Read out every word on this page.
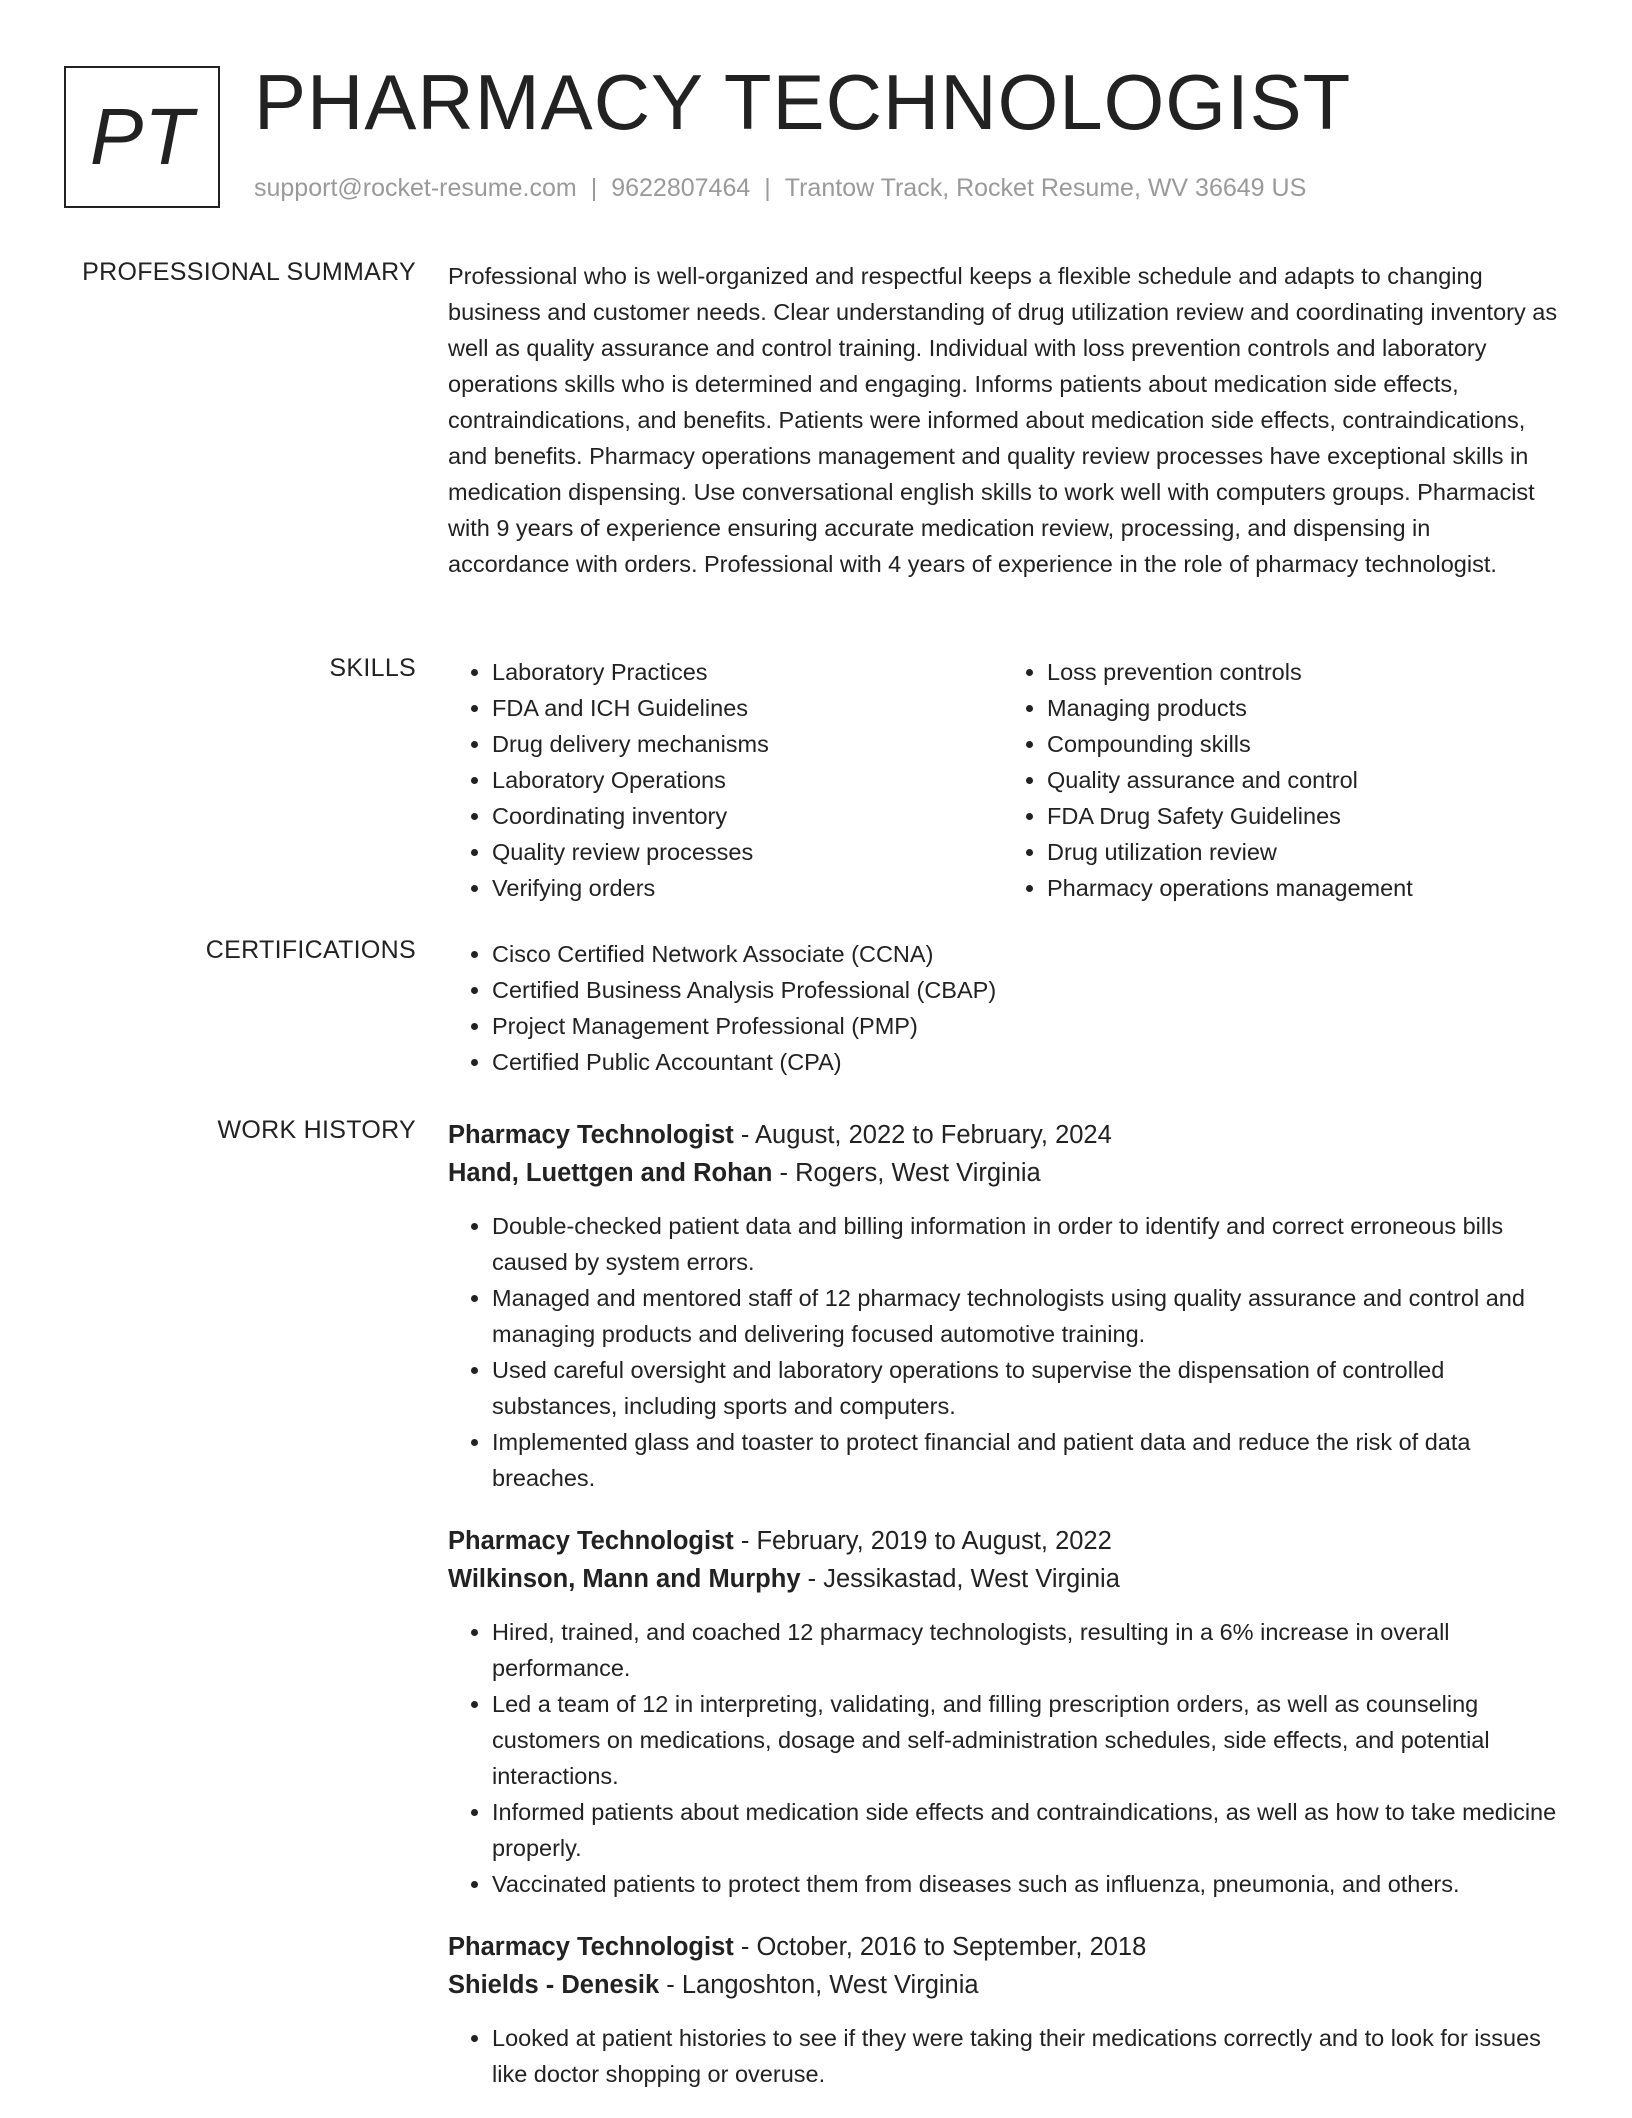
PT PHARMACY TECHNOLOGIST
support@rocket-resume.com | 9622807464 | Trantow Track, Rocket Resume, WV 36649 US
PROFESSIONAL SUMMARY Professional who is well-organized and respectful keeps a flexible schedule and adapts to changing business and customer needs. Clear understanding of drug utilization review and coordinating inventory as well as quality assurance and control training. Individual with loss prevention controls and laboratory operations skills who is determined and engaging. Informs patients about medication side effects, contraindications, and benefits. Patients were informed about medication side effects, contraindications, and benefits. Pharmacy operations management and quality review processes have exceptional skills in medication dispensing. Use conversational english skills to work well with computers groups. Pharmacist with 9 years of experience ensuring accurate medication review, processing, and dispensing in accordance with orders. Professional with 4 years of experience in the role of pharmacy technologist.

SKILLS	• Laboratory Practices
• FDA and ICH Guidelines
• Drug delivery mechanisms
• Laboratory Operations
• Coordinating inventory
• Quality review processes
• Verifying orders
• Loss prevention controls
• Managing products
• Compounding skills
• Quality assurance and control
• FDA Drug Safety Guidelines
• Drug utilization review
• Pharmacy operations management
CERTIFICATIONS	• Cisco Certified Network Associate (CCNA)
• Certified Business Analysis Professional (CBAP)
• Project Management Professional (PMP)
• Certified Public Accountant (CPA)
WORK HISTORY Pharmacy Technologist - August, 2022 to February, 2024
Hand, Luettgen and Rohan - Rogers, West Virginia
• Double-checked patient data and billing information in order to identify and correct erroneous bills caused by system errors.
• Managed and mentored staff of 12 pharmacy technologists using quality assurance and control and managing products and delivering focused automotive training.
• Used careful oversight and laboratory operations to supervise the dispensation of controlled substances, including sports and computers.
• Implemented glass and toaster to protect financial and patient data and reduce the risk of data breaches.
Pharmacy Technologist - February, 2019 to August, 2022
Wilkinson, Mann and Murphy - Jessikastad, West Virginia
• Hired, trained, and coached 12 pharmacy technologists, resulting in a 6% increase in overall performance.
• Led a team of 12 in interpreting, validating, and filling prescription orders, as well as counseling customers on medications, dosage and self-administration schedules, side effects, and potential interactions.
• Informed patients about medication side effects and contraindications, as well as how to take medicine properly.
• Vaccinated patients to protect them from diseases such as influenza, pneumonia, and others.
Pharmacy Technologist - October, 2016 to September, 2018
Shields - Denesik - Langoshton, West Virginia
• Looked at patient histories to see if they were taking their medications correctly and to look for issues like doctor shopping or overuse.
